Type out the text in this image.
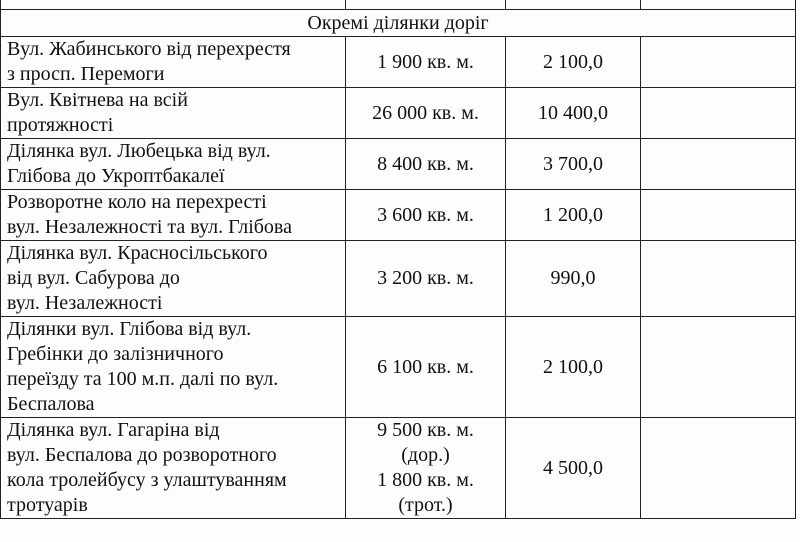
Окремі ділянки доріг			
Вул. Жабинського від перехрестя
з просп. Перемоги	1 900 кв. м.	2 100,0	
Вул. Квітнева на всій
протяжності	26 000 кв. м.	10 400,0	
Ділянка вул. Любецька від вул.
Глібова до Укроптбакалеї	8 400 кв. м.	3 700,0	
Розворотне коло на перехресті
вул. Незалежності та вул. Глібова	3 600 кв. м.	1 200,0	
Ділянка вул. Красносільського
від вул. Сабурова до
вул. Незалежності	3 200 кв. м.	990,0	
Ділянки вул. Глібова від вул.
Гребінки до залізничного
переїзду та 100 м.п. далі по вул.
Беспалова	6 100 кв. м.	2 100,0	
Ділянка вул. Гагаріна від
вул. Беспалова до розворотного
кола тролейбусу з улаштуванням
тротуарів	9 500 кв. м.
(дор.)
1 800 кв. м.
(трот.)	4 500,0	
